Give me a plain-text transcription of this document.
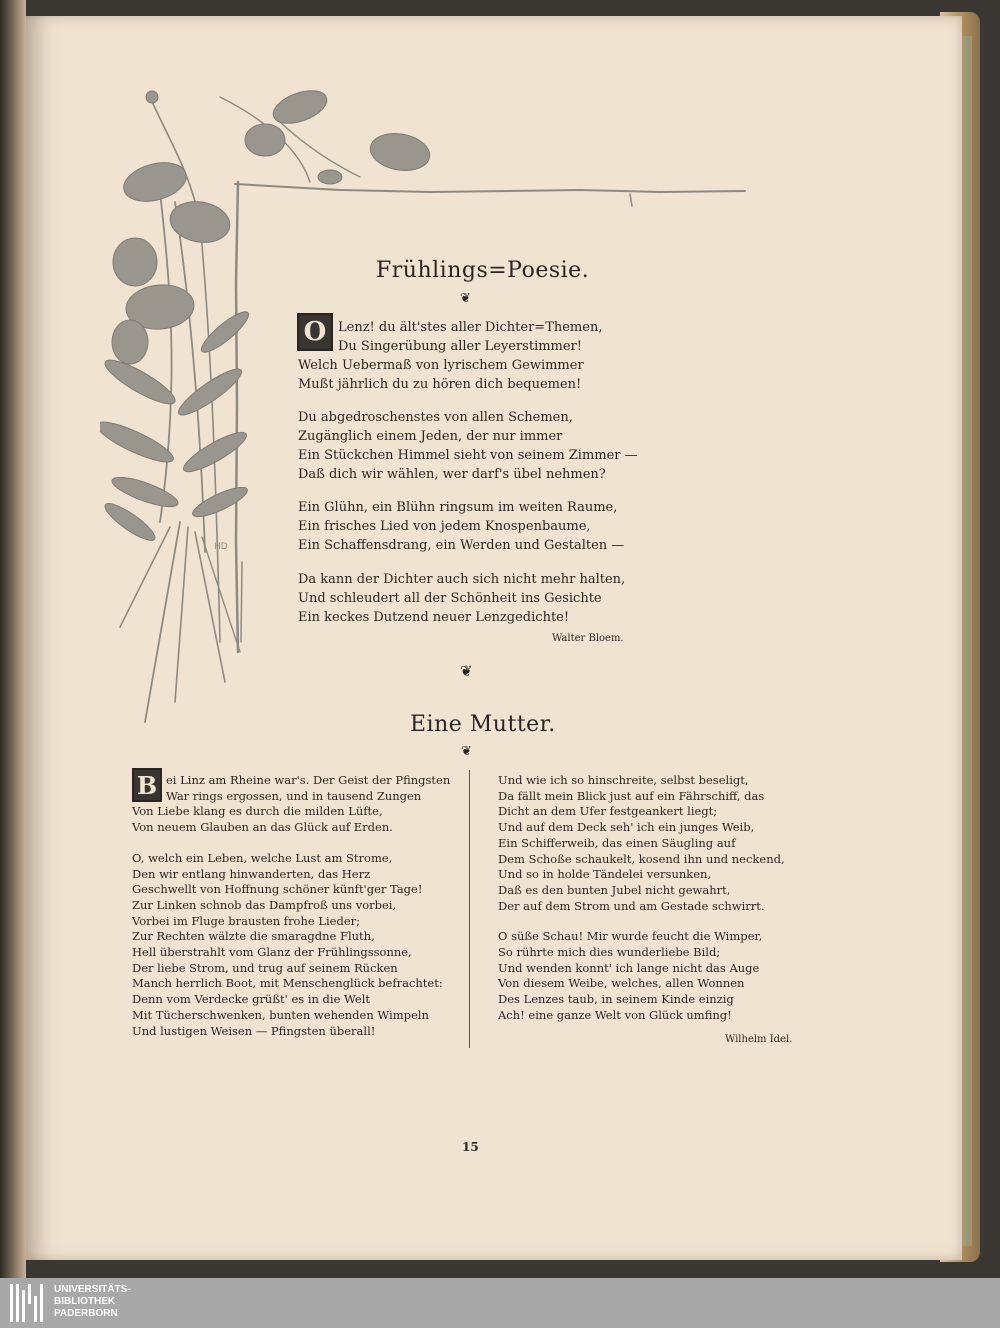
HD
Frühlings=Poesie.
❦
O Lenz! du ält'stes aller Dichter=Themen,
Du Singerübung aller Leyerstimmer!
Welch Uebermaß von lyrischem Gewimmer
Mußt jährlich du zu hören dich bequemen!
Du abgedroschenstes von allen Schemen,
Zugänglich einem Jeden, der nur immer
Ein Stückchen Himmel sieht von seinem Zimmer —
Daß dich wir wählen, wer darf's übel nehmen?
Ein Glühn, ein Blühn ringsum im weiten Raume,
Ein frisches Lied von jedem Knospenbaume,
Ein Schaffensdrang, ein Werden und Gestalten —
Da kann der Dichter auch sich nicht mehr halten,
Und schleudert all der Schönheit ins Gesichte
Ein keckes Dutzend neuer Lenzgedichte!
Walter Bloem.
❦
Eine Mutter.
❦
B ei Linz am Rheine war's. Der Geist der Pfingsten
War rings ergossen, und in tausend Zungen
Von Liebe klang es durch die milden Lüfte,
Von neuem Glauben an das Glück auf Erden.
O, welch ein Leben, welche Lust am Strome,
Den wir entlang hinwanderten, das Herz
Geschwellt von Hoffnung schöner künft'ger Tage!
Zur Linken schnob das Dampfroß uns vorbei,
Vorbei im Fluge brausten frohe Lieder;
Zur Rechten wälzte die smaragdne Fluth,
Hell überstrahlt vom Glanz der Frühlingssonne,
Der liebe Strom, und trug auf seinem Rücken
Manch herrlich Boot, mit Menschenglück befrachtet:
Denn vom Verdecke grüßt' es in die Welt
Mit Tücherschwenken, bunten wehenden Wimpeln
Und lustigen Weisen — Pfingsten überall!
Und wie ich so hinschreite, selbst beseligt,
Da fällt mein Blick just auf ein Fährschiff, das
Dicht an dem Ufer festgeankert liegt;
Und auf dem Deck seh' ich ein junges Weib,
Ein Schifferweib, das einen Säugling auf
Dem Schoße schaukelt, kosend ihn und neckend,
Und so in holde Tändelei versunken,
Daß es den bunten Jubel nicht gewahrt,
Der auf dem Strom und am Gestade schwirrt.
O süße Schau! Mir wurde feucht die Wimper,
So rührte mich dies wunderliebe Bild;
Und wenden konnt' ich lange nicht das Auge
Von diesem Weibe, welches, allen Wonnen
Des Lenzes taub, in seinem Kinde einzig
Ach! eine ganze Welt von Glück umfing!
Wilhelm Idel.
15
UNIVERSITÄTS-
BIBLIOTHEK
PADERBORN
